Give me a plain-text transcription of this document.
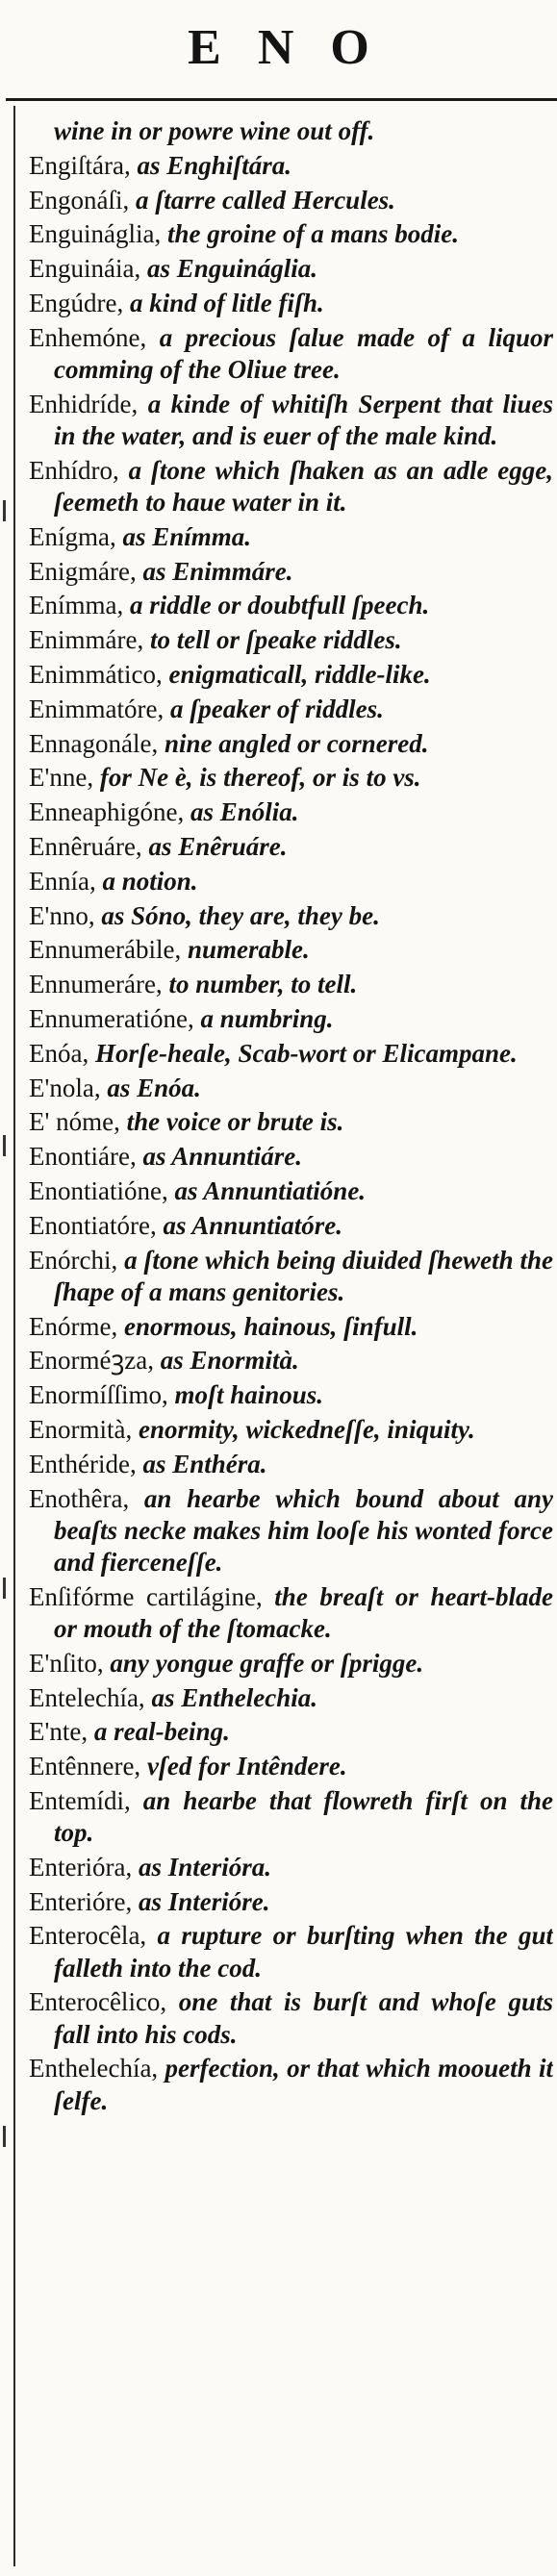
ENO
wine in or powre wine out off.
Engiſtára, as Enghiſtára.
Engonáſi, a ſtarre called Hercules.
Enguináglia, the groine of a mans bodie.
Enguináia, as Enguináglia.
Engúdre, a kind of litle fiſh.
Enhemóne, a precious ſalue made of a liquor comming of the Oliue tree.
Enhidríde, a kinde of whitiſh Serpent that liues in the water, and is euer of the male kind.
Enhídro, a ſtone which ſhaken as an adle egge, ſeemeth to haue water in it.
Enígma, as Enímma.
Enigmáre, as Enimmáre.
Enímma, a riddle or doubtfull ſpeech.
Enimmáre, to tell or ſpeake riddles.
Enimmático, enigmaticall, riddle-like.
Enimmatóre, a ſpeaker of riddles.
Ennagonále, nine angled or cornered.
E'nne, for Ne è, is thereof, or is to vs.
Enneaphigóne, as Enólia.
Ennêruáre, as Enêruáre.
Ennía, a notion.
E'nno, as Sóno, they are, they be.
Ennumerábile, numerable.
Ennumeráre, to number, to tell.
Ennumeratióne, a numbring.
Enóa, Horſe-heale, Scab-wort or Elicampane.
E'nola, as Enóa.
E' nóme, the voice or brute is.
Enontiáre, as Annuntiáre.
Enontiatióne, as Annuntiatióne.
Enontiatóre, as Annuntiatóre.
Enórchi, a ſtone which being diuided ſheweth the ſhape of a mans genitories.
Enórme, enormous, hainous, ſinfull.
Enorméꝫza, as Enormità.
Enormíſſimo, moſt hainous.
Enormità, enormity, wickedneſſe, iniquity.
Enthéride, as Enthéra.
Enothêra, an hearbe which bound about any beaſts necke makes him looſe his wonted force and fierceneſſe.
Enſifórme cartilágine, the breaſt or heart-blade or mouth of the ſtomacke.
E'nſito, any yongue graffe or ſprigge.
Entelechía, as Enthelechia.
E'nte, a real-being.
Entênnere, vſed for Intêndere.
Entemídi, an hearbe that flowreth firſt on the top.
Enterióra, as Interióra.
Enterióre, as Interióre.
Enterocêla, a rupture or burſting when the gut falleth into the cod.
Enterocêlico, one that is burſt and whoſe guts fall into his cods.
Enthelechía, perfection, or that which mooueth it ſelfe.
